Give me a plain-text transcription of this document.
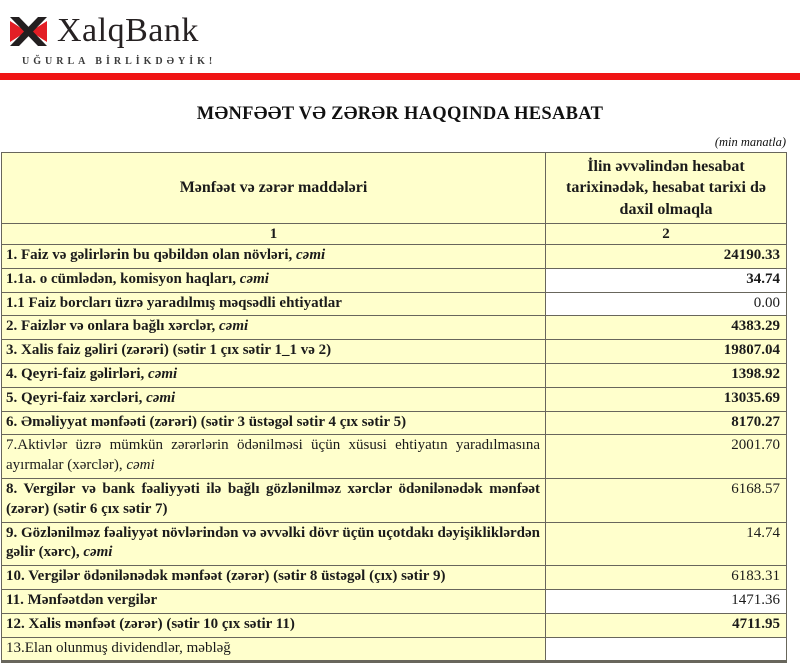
XalqBank
UĞURLA BİRLİKDƏYİK!
MƏNFƏƏT VƏ ZƏRƏR HAQQINDA HESABAT
(min manatla)
Mənfəət və zərər maddələri	İlin əvvəlindən hesabat tarixinədək, hesabat tarixi də daxil olmaqla
1	2
1. Faiz və gəlirlərin bu qəbildən olan növləri, cəmi	24190.33
1.1a. o cümlədən, komisyon haqları, cəmi	34.74
1.1 Faiz borcları üzrə yaradılmış məqsədli ehtiyatlar	0.00
2. Faizlər və onlara bağlı xərclər, cəmi	4383.29
3. Xalis faiz gəliri (zərəri) (sətir 1 çıx sətir 1_1 və 2)	19807.04
4. Qeyri-faiz gəlirləri, cəmi	1398.92
5. Qeyri-faiz xərcləri, cəmi	13035.69
6. Əməliyyat mənfəəti (zərəri) (sətir 3 üstəgəl sətir 4 çıx sətir 5)	8170.27
7.Aktivlər üzrə mümkün zərərlərin ödənilməsi üçün xüsusi ehtiyatın yaradılmasına ayırmalar (xərclər), cəmi	2001.70
8. Vergilər və bank fəaliyyəti ilə bağlı gözlənilməz xərclər ödənilənədək mənfəət (zərər) (sətir 6 çıx sətir 7)	6168.57
9. Gözlənilməz fəaliyyət növlərindən və əvvəlki dövr üçün uçotdakı dəyişikliklərdən gəlir (xərc), cəmi	14.74
10. Vergilər ödənilənədək mənfəət (zərər) (sətir 8 üstəgəl (çıx) sətir 9)	6183.31
11. Mənfəətdən vergilər	1471.36
12. Xalis mənfəət (zərər) (sətir 10 çıx sətir 11)	4711.95
13.Elan olunmuş dividendlər, məbləğ	
